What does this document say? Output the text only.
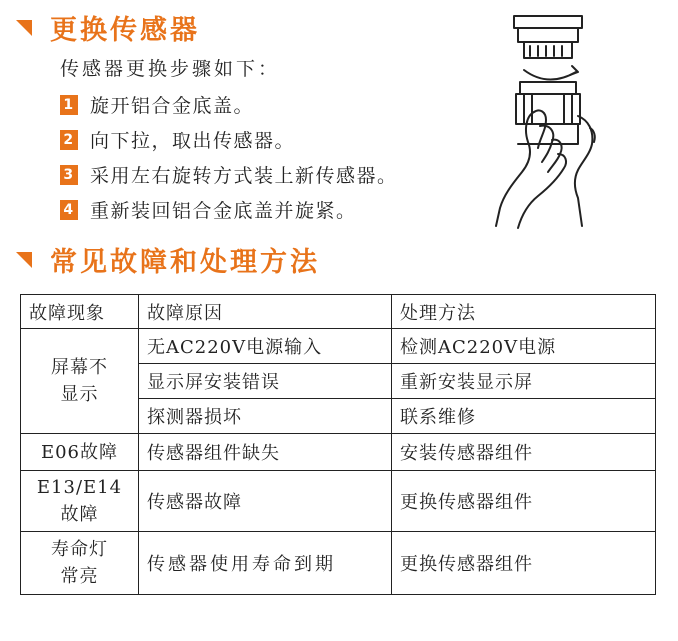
更换传感器
传感器更换步骤如下：
1 旋开铝合金底盖。
2 向下拉，取出传感器。
3 采用左右旋转方式装上新传感器。
4 重新装回铝合金底盖并旋紧。
常见故障和处理方法
故障现象	故障原因	处理方法
屏幕不
显示	无AC220V电源输入	检测AC220V电源
	显示屏安装错误	重新安装显示屏
	探测器损坏	联系维修
E06故障	传感器组件缺失	安装传感器组件
E13/E14
故障	传感器故障	更换传感器组件
寿命灯
常亮	传感器使用寿命到期	更换传感器组件
